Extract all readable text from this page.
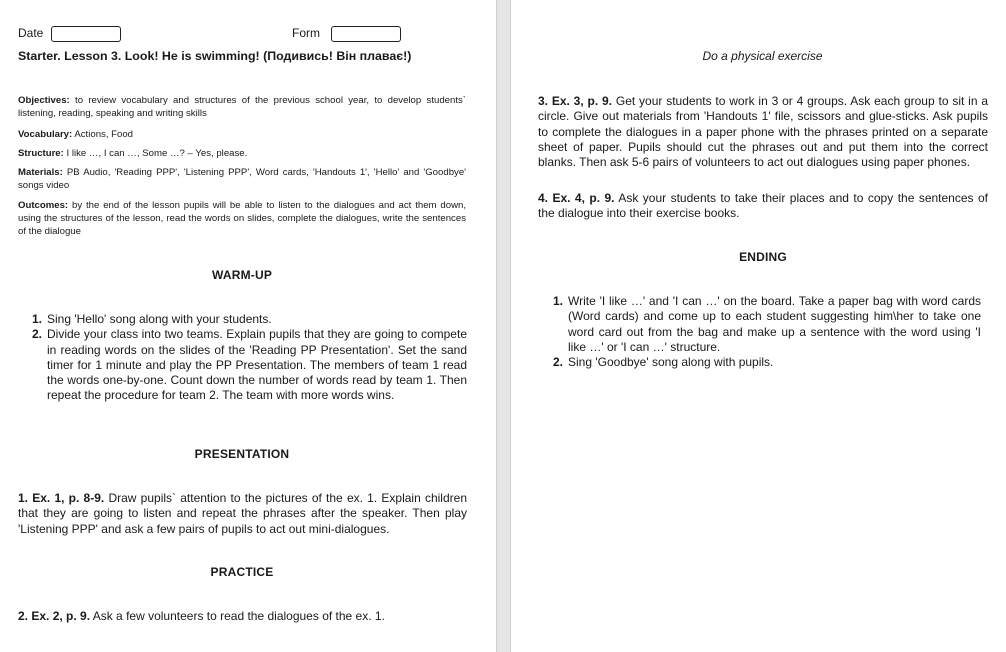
Date	Form
Starter. Lesson 3. Look! He is swimming! (Подивись! Він плаває!)
Objectives: to review vocabulary and structures of the previous school year, to develop students` listening, reading, speaking and writing skills
Vocabulary: Actions, Food
Structure: I like …, I can …, Some …? – Yes, please.
Materials: PB Audio, 'Reading PPP', 'Listening PPP', Word cards, 'Handouts 1', 'Hello' and 'Goodbye' songs video
Outcomes: by the end of the lesson pupils will be able to listen to the dialogues and act them down, using the structures of the lesson, read the words on slides, complete the dialogues, write the sentences of the dialogue
WARM-UP
1. Sing 'Hello' song along with your students.
2. Divide your class into two teams. Explain pupils that they are going to compete in reading words on the slides of the 'Reading PP Presentation'. Set the sand timer for 1 minute and play the PP Presentation. The members of team 1 read the words one-by-one. Count down the number of words read by team 1. Then repeat the procedure for team 2. The team with more words wins.
PRESENTATION
1. Ex. 1, p. 8-9. Draw pupils` attention to the pictures of the ex. 1. Explain children that they are going to listen and repeat the phrases after the speaker. Then play 'Listening PPP' and ask a few pairs of pupils to act out mini-dialogues.
PRACTICE
2. Ex. 2, p. 9. Ask a few volunteers to read the dialogues of the ex. 1.
Do a physical exercise
3. Ex. 3, p. 9. Get your students to work in 3 or 4 groups. Ask each group to sit in a circle. Give out materials from 'Handouts 1' file, scissors and glue-sticks. Ask pupils to complete the dialogues in a paper phone with the phrases printed on a separate sheet of paper. Pupils should cut the phrases out and put them into the correct blanks. Then ask 5-6 pairs of volunteers to act out dialogues using paper phones.
4. Ex. 4, p. 9. Ask your students to take their places and to copy the sentences of the dialogue into their exercise books.
ENDING
1. Write 'I like …' and 'I can …' on the board. Take a paper bag with word cards (Word cards) and come up to each student suggesting him\her to take one word card out from the bag and make up a sentence with the word using 'I like …' or 'I can …' structure.
2. Sing 'Goodbye' song along with pupils.
